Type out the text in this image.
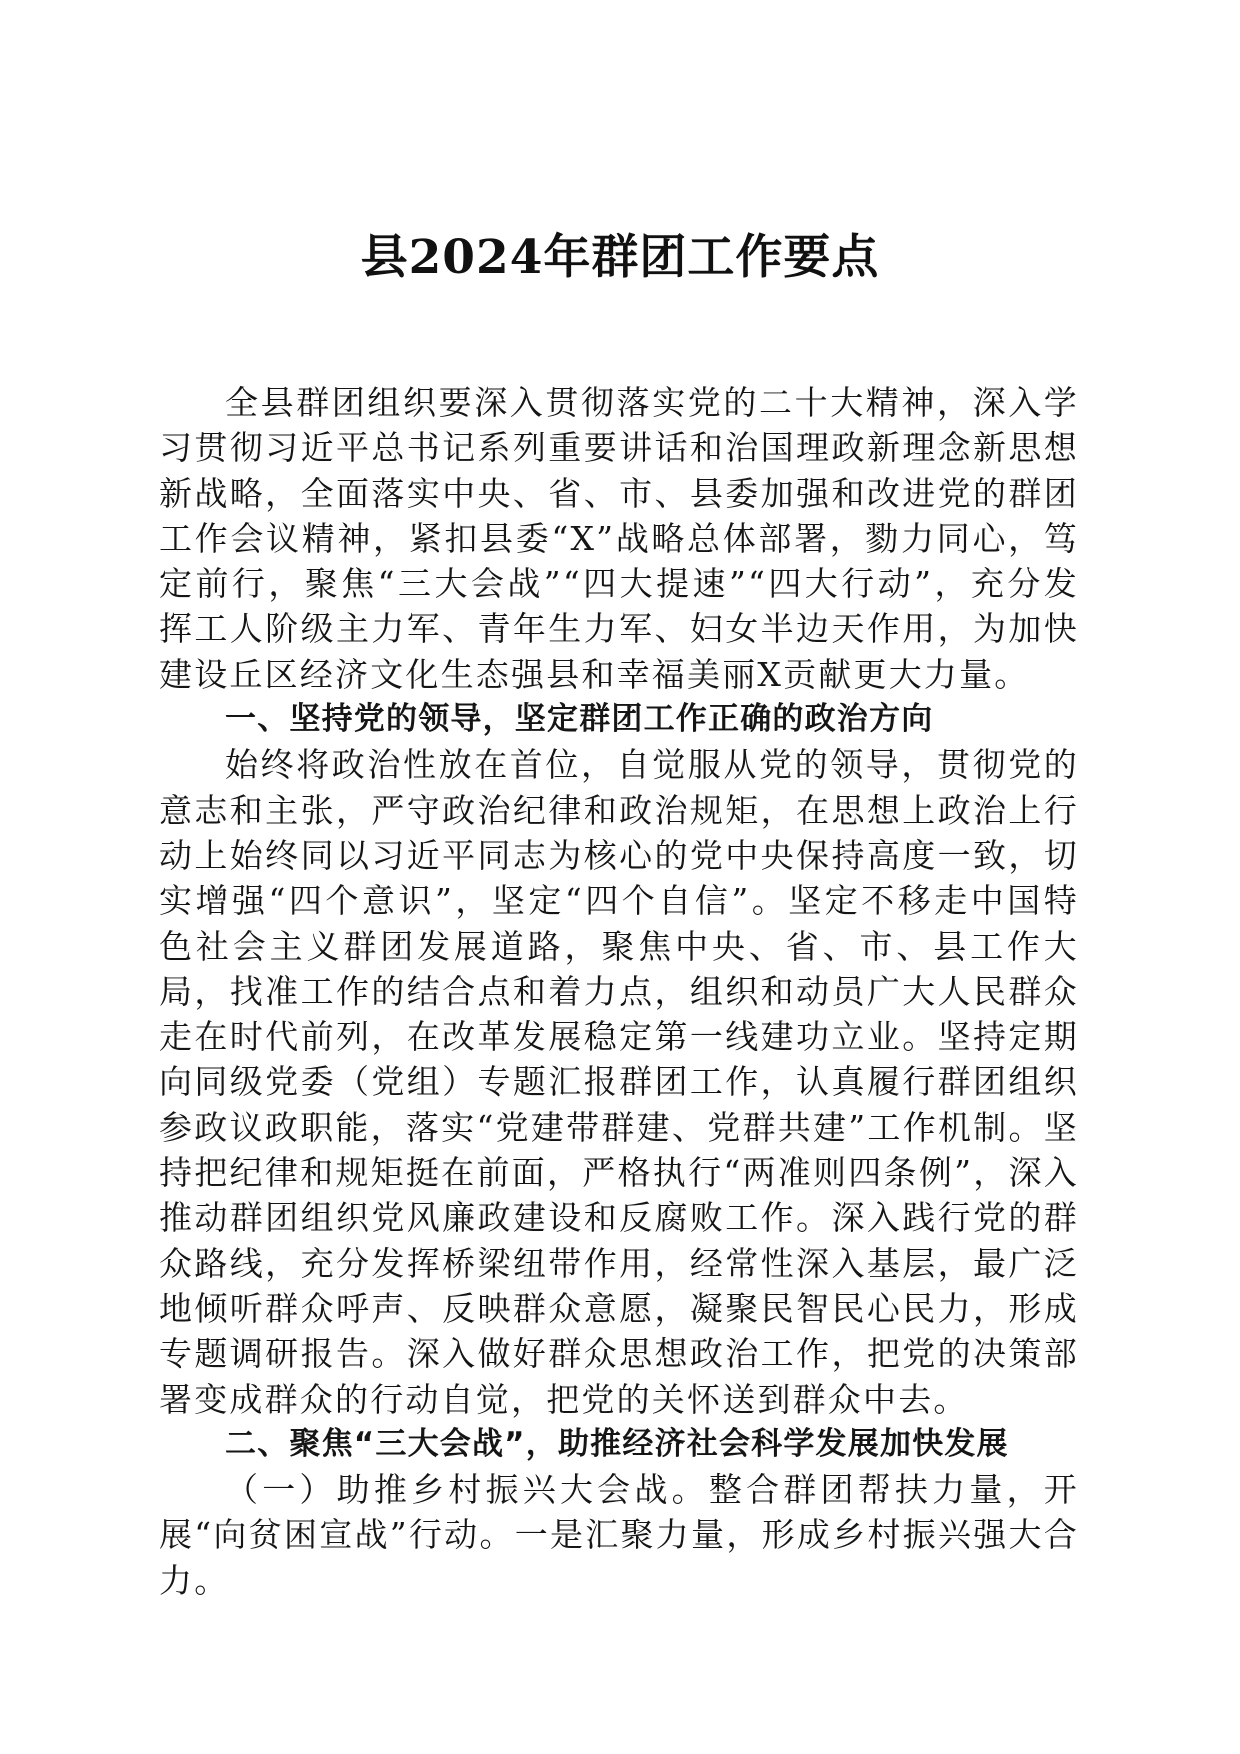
县2024年群团工作要点

全县群团组织要深入贯彻落实党的二十大精神，深入学习贯彻习近平总书记系列重要讲话和治国理政新理念新思想新战略，全面落实中央、省、市、县委加强和改进党的群团工作会议精神，紧扣县委“X”战略总体部署，勠力同心，笃定前行，聚焦“三大会战”“四大提速”“四大行动”，充分发挥工人阶级主力军、青年生力军、妇女半边天作用，为加快建设丘区经济文化生态强县和幸福美丽X贡献更大力量。

一、坚持党的领导，坚定群团工作正确的政治方向

始终将政治性放在首位，自觉服从党的领导，贯彻党的意志和主张，严守政治纪律和政治规矩，在思想上政治上行动上始终同以习近平同志为核心的党中央保持高度一致，切实增强“四个意识”，坚定“四个自信”。坚定不移走中国特色社会主义群团发展道路，聚焦中央、省、市、县工作大局，找准工作的结合点和着力点，组织和动员广大人民群众走在时代前列，在改革发展稳定第一线建功立业。坚持定期向同级党委（党组）专题汇报群团工作，认真履行群团组织参政议政职能，落实“党建带群建、党群共建”工作机制。坚持把纪律和规矩挺在前面，严格执行“两准则四条例”，深入推动群团组织党风廉政建设和反腐败工作。深入践行党的群众路线，充分发挥桥梁纽带作用，经常性深入基层，最广泛地倾听群众呼声、反映群众意愿，凝聚民智民心民力，形成专题调研报告。深入做好群众思想政治工作，把党的决策部署变成群众的行动自觉，把党的关怀送到群众中去。

二、聚焦“三大会战”，助推经济社会科学发展加快发展

（一）助推乡村振兴大会战。整合群团帮扶力量，开展“向贫困宣战”行动。一是汇聚力量，形成乡村振兴强大合力。
